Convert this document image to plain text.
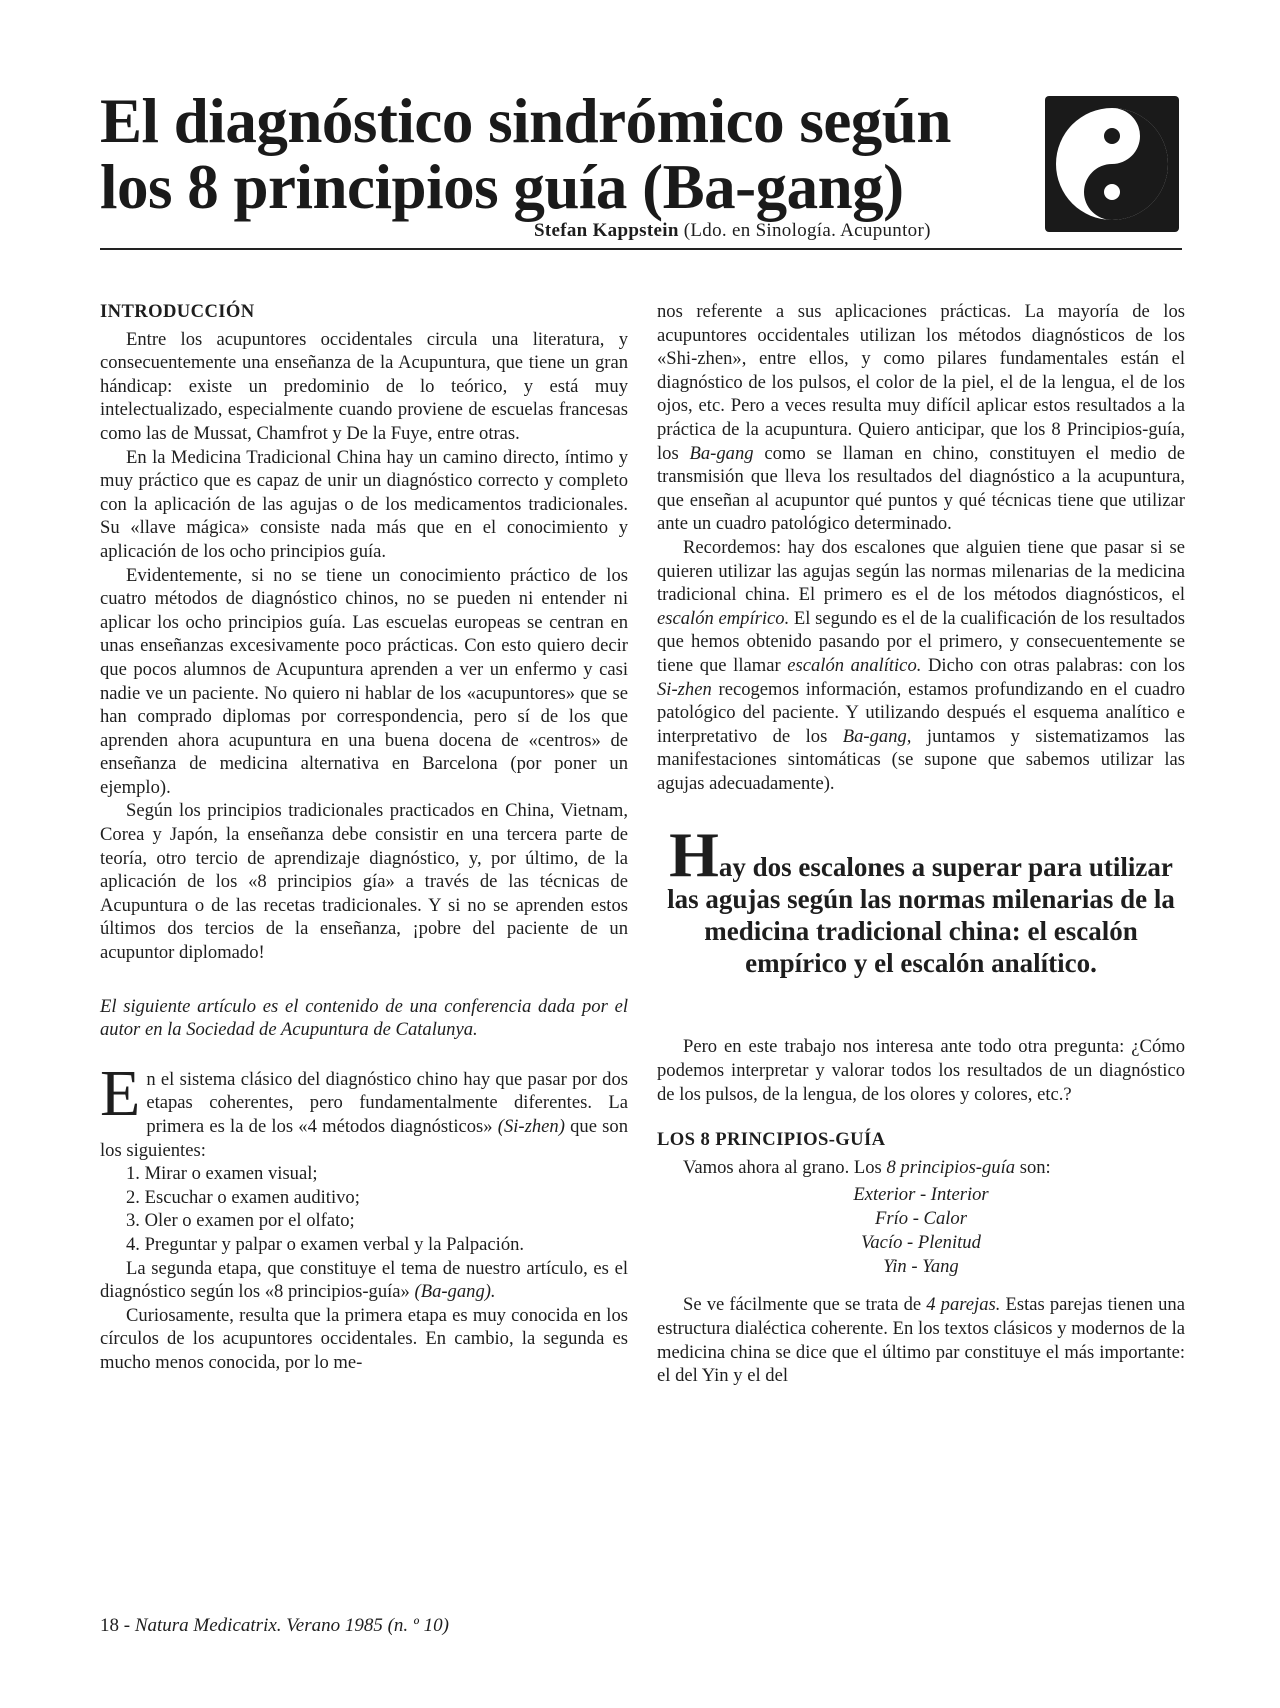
El diagnóstico sindrómico según
los 8 principios guía (Ba-gang)
Stefan Kappstein (Ldo. en Sinología. Acupuntor)
INTRODUCCIÓN

Entre los acupuntores occidentales circula una literatura, y consecuentemente una enseñanza de la Acupuntura, que tiene un gran hándicap: existe un predominio de lo teórico, y está muy intelectualizado, especialmente cuando proviene de escuelas francesas como las de Mussat, Chamfrot y De la Fuye, entre otras.

En la Medicina Tradicional China hay un camino directo, íntimo y muy práctico que es capaz de unir un diagnóstico correcto y completo con la aplicación de las agujas o de los medicamentos tradicionales. Su «llave mágica» consiste nada más que en el conocimiento y aplicación de los ocho principios guía.

Evidentemente, si no se tiene un conocimiento práctico de los cuatro métodos de diagnóstico chinos, no se pueden ni entender ni aplicar los ocho principios guía. Las escuelas europeas se centran en unas enseñanzas excesivamente poco prácticas. Con esto quiero decir que pocos alumnos de Acupuntura aprenden a ver un enfermo y casi nadie ve un paciente. No quiero ni hablar de los «acupuntores» que se han comprado diplomas por correspondencia, pero sí de los que aprenden ahora acupuntura en una buena docena de «centros» de enseñanza de medicina alternativa en Barcelona (por poner un ejemplo).

Según los principios tradicionales practicados en China, Vietnam, Corea y Japón, la enseñanza debe consistir en una tercera parte de teoría, otro tercio de aprendizaje diagnóstico, y, por último, de la aplicación de los «8 principios gía» a través de las técnicas de Acupuntura o de las recetas tradicionales. Y si no se aprenden estos últimos dos tercios de la enseñanza, ¡pobre del paciente de un acupuntor diplomado!

El siguiente artículo es el contenido de una conferencia dada por el autor en la Sociedad de Acupuntura de Catalunya.

En el sistema clásico del diagnóstico chino hay que pasar por dos etapas coherentes, pero fundamentalmente diferentes. La primera es la de los «4 métodos diagnósticos» (Si-zhen) que son los siguientes:

1. Mirar o examen visual;
2. Escuchar o examen auditivo;
3. Oler o examen por el olfato;
4. Preguntar y palpar o examen verbal y la Palpación.

La segunda etapa, que constituye el tema de nuestro artículo, es el diagnóstico según los «8 principios-guía» (Ba-gang).

Curiosamente, resulta que la primera etapa es muy conocida en los círculos de los acupuntores occidentales. En cambio, la segunda es mucho menos conocida, por lo me-

nos referente a sus aplicaciones prácticas. La mayoría de los acupuntores occidentales utilizan los métodos diagnósticos de los «Shi-zhen», entre ellos, y como pilares fundamentales están el diagnóstico de los pulsos, el color de la piel, el de la lengua, el de los ojos, etc. Pero a veces resulta muy difícil aplicar estos resultados a la práctica de la acupuntura. Quiero anticipar, que los 8 Principios-guía, los Ba-gang como se llaman en chino, constituyen el medio de transmisión que lleva los resultados del diagnóstico a la acupuntura, que enseñan al acupuntor qué puntos y qué técnicas tiene que utilizar ante un cuadro patológico determinado.

Recordemos: hay dos escalones que alguien tiene que pasar si se quieren utilizar las agujas según las normas milenarias de la medicina tradicional china. El primero es el de los métodos diagnósticos, el escalón empírico. El segundo es el de la cualificación de los resultados que hemos obtenido pasando por el primero, y consecuentemente se tiene que llamar escalón analítico. Dicho con otras palabras: con los Si-zhen recogemos información, estamos profundizando en el cuadro patológico del paciente. Y utilizando después el esquema analítico e interpretativo de los Ba-gang, juntamos y sistematizamos las manifestaciones sintomáticas (se supone que sabemos utilizar las agujas adecuadamente).

Hay dos escalones a superar para utilizar las agujas según las normas milenarias de la medicina tradicional china: el escalón empírico y el escalón analítico.

Pero en este trabajo nos interesa ante todo otra pregunta: ¿Cómo podemos interpretar y valorar todos los resultados de un diagnóstico de los pulsos, de la lengua, de los olores y colores, etc.?

LOS 8 PRINCIPIOS-GUÍA

Vamos ahora al grano. Los 8 principios-guía son:

Exterior - Interior
Frío - Calor
Vacío - Plenitud
Yin - Yang

Se ve fácilmente que se trata de 4 parejas. Estas parejas tienen una estructura dialéctica coherente. En los textos clásicos y modernos de la medicina china se dice que el último par constituye el más importante: el del Yin y el del

18 - Natura Medicatrix. Verano 1985 (n. º 10)
